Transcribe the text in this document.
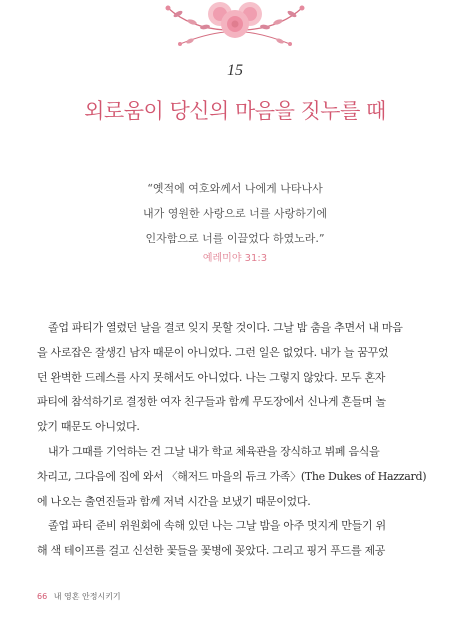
15
외로움이 당신의 마음을 짓누를 때
“옛적에 여호와께서 나에게 나타나사
내가 영원한 사랑으로 너를 사랑하기에
인자함으로 너를 이끌었다 하였노라.”
예레미야 31:3
졸업 파티가 열렸던 날을 결코 잊지 못할 것이다. 그날 밤 춤을 추면서 내 마음
을 사로잡은 잘생긴 남자 때문이 아니었다. 그런 일은 없었다. 내가 늘 꿈꾸었
던 완벽한 드레스를 사지 못해서도 아니었다. 나는 그렇지 않았다. 모두 혼자
파티에 참석하기로 결정한 여자 친구들과 함께 무도장에서 신나게 흔들며 놀
았기 때문도 아니었다.
내가 그때를 기억하는 건 그날 내가 학교 체육관을 장식하고 뷔페 음식을
차리고, 그다음에 집에 와서 〈해저드 마을의 듀크 가족〉(The Dukes of Hazzard)
에 나오는 출연진들과 함께 저녁 시간을 보냈기 때문이었다.
졸업 파티 준비 위원회에 속해 있던 나는 그날 밤을 아주 멋지게 만들기 위
해 색 테이프를 걸고 신선한 꽃들을 꽃병에 꽂았다. 그리고 핑거 푸드를 제공
66 내 영혼 안정시키기
